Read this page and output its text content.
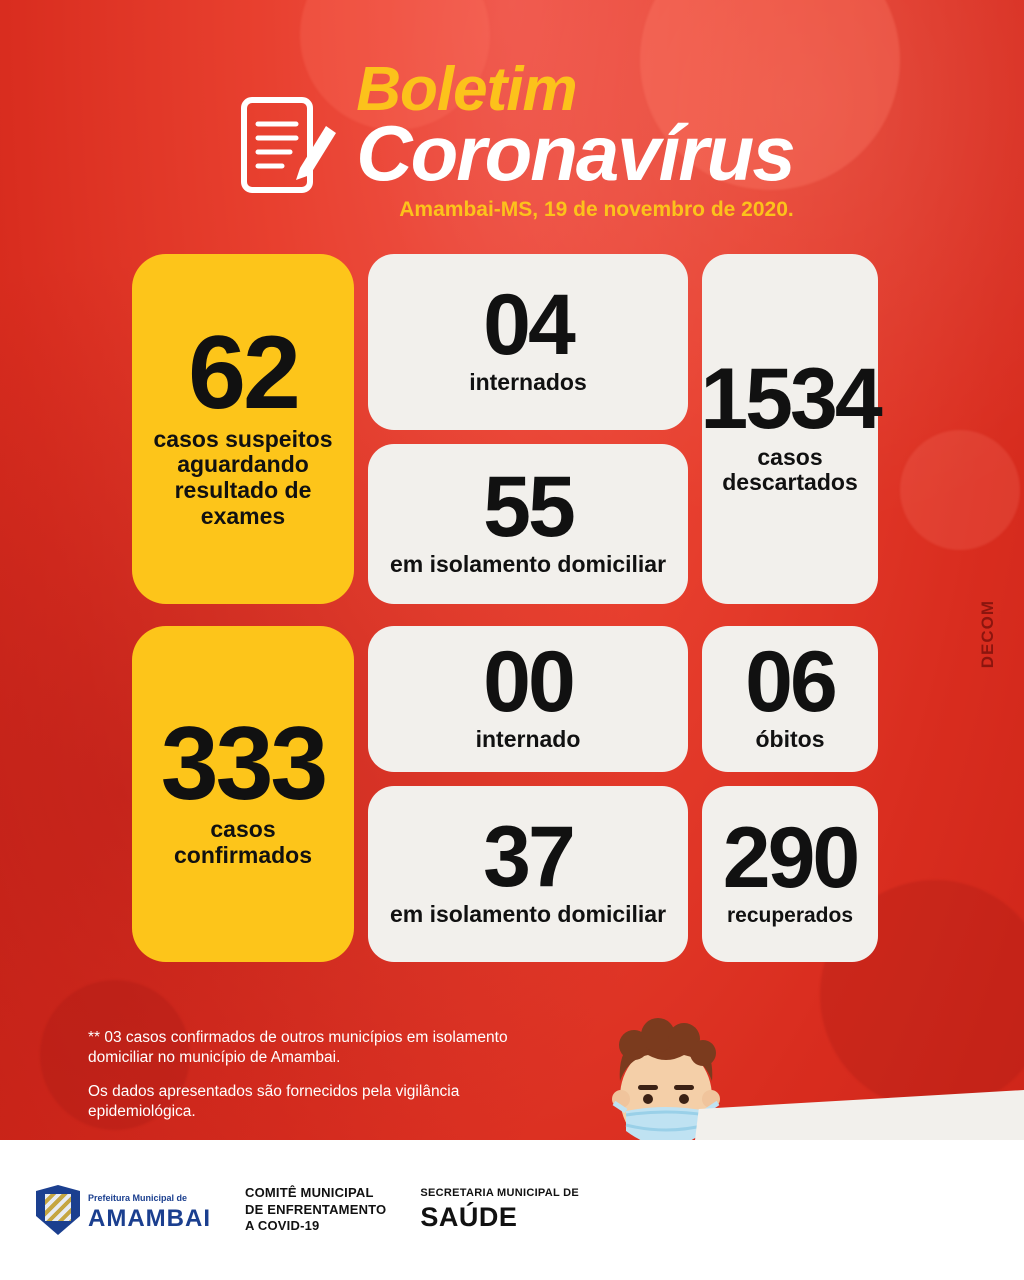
Boletim
Coronavírus
Amambai-MS, 19 de novembro de 2020.
62
casos suspeitos aguardando resultado de exames
04
internados
55
em isolamento domiciliar
1534
casos descartados
333
casos confirmados
00
internado
37
em isolamento domiciliar
06
óbitos
290
recuperados
DECOM
** 03 casos confirmados de outros municípios em isolamento domiciliar no município de Amambai.
Os dados apresentados são fornecidos pela vigilância epidemiológica.
Prefeitura Municipal de
AMAMBAI
COMITÊ MUNICIPAL
DE ENFRENTAMENTO
A COVID-19
SECRETARIA MUNICIPAL DE
SAÚDE
